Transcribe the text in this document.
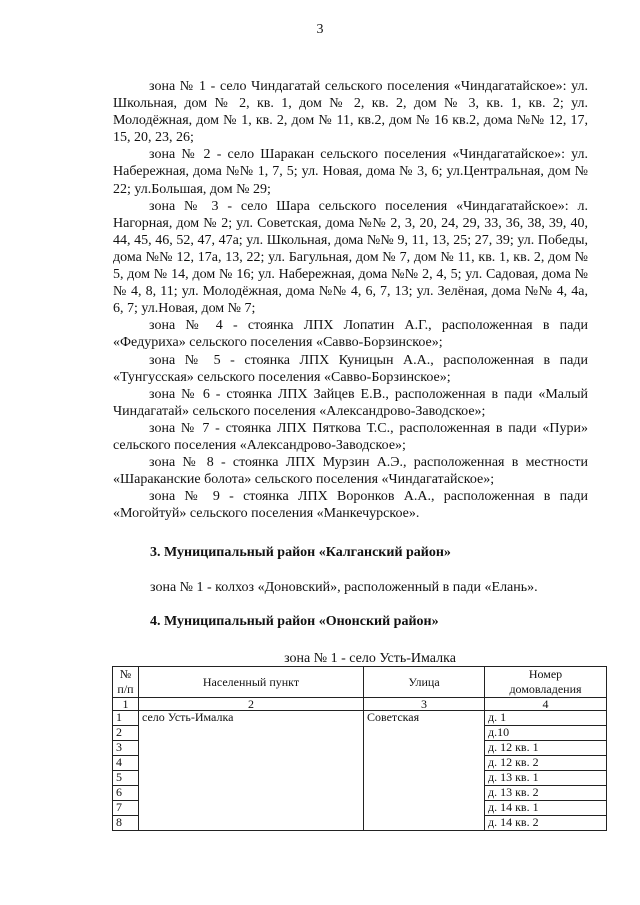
3

зона № 1 - село Чиндагатай сельского поселения «Чиндагатайское»: ул. Школьная, дом № 2, кв. 1, дом № 2, кв. 2, дом № 3, кв. 1, кв. 2; ул. Молодёжная, дом № 1, кв. 2, дом № 11, кв.2, дом № 16 кв.2, дома №№ 12, 17, 15, 20, 23, 26;

зона № 2 - село Шаракан сельского поселения «Чиндагатайское»: ул. Набережная, дома №№ 1, 7, 5; ул. Новая, дома № 3, 6; ул.Центральная, дом № 22; ул.Большая, дом № 29;

зона № 3 - село Шара сельского поселения «Чиндагатайское»: л. Нагорная, дом № 2; ул. Советская, дома №№ 2, 3, 20, 24, 29, 33, 36, 38, 39, 40, 44, 45, 46, 52, 47, 47а; ул. Школьная, дома №№ 9, 11, 13, 25; 27, 39; ул. Победы, дома №№ 12, 17а, 13, 22; ул. Багульная, дом № 7, дом № 11, кв. 1, кв. 2, дом № 5, дом № 14, дом № 16; ул. Набережная, дома №№ 2, 4, 5; ул. Садовая, дома №№ 4, 8, 11; ул. Молодёжная, дома №№ 4, 6, 7, 13; ул. Зелёная, дома №№ 4, 4а, 6, 7; ул.Новая, дом № 7;

зона № 4 - стоянка ЛПХ Лопатин А.Г., расположенная в пади «Федуриха» сельского поселения «Савво-Борзинское»;

зона № 5 - стоянка ЛПХ Куницын А.А., расположенная в пади «Тунгусская» сельского поселения «Савво-Борзинское»;

зона № 6 - стоянка ЛПХ Зайцев Е.В., расположенная в пади «Малый Чиндагатай» сельского поселения «Александрово-Заводское»;

зона № 7 - стоянка ЛПХ Пяткова Т.С., расположенная в пади «Пури» сельского поселения «Александрово-Заводское»;

зона № 8 - стоянка ЛПХ Мурзин А.Э., расположенная в местности «Шараканские болота» сельского поселения «Чиндагатайское»;

зона № 9 - стоянка ЛПХ Воронков А.А., расположенная в пади «Могойтуй» сельского поселения «Манкечурское».

3. Муниципальный район «Калганский район»
зона № 1 - колхоз «Доновский», расположенный в пади «Елань».
4. Муниципальный район «Ононский район»
зона № 1 - село Усть-Ималка
№
п/п	Населенный пункт	Улица	Номер
домовладения
1	2	3	4
1	село Усть-Ималка	Советская	д. 1
2			д.10
3			д. 12 кв. 1
4			д. 12 кв. 2
5			д. 13 кв. 1
6			д. 13 кв. 2
7			д. 14 кв. 1
8			д. 14 кв. 2
